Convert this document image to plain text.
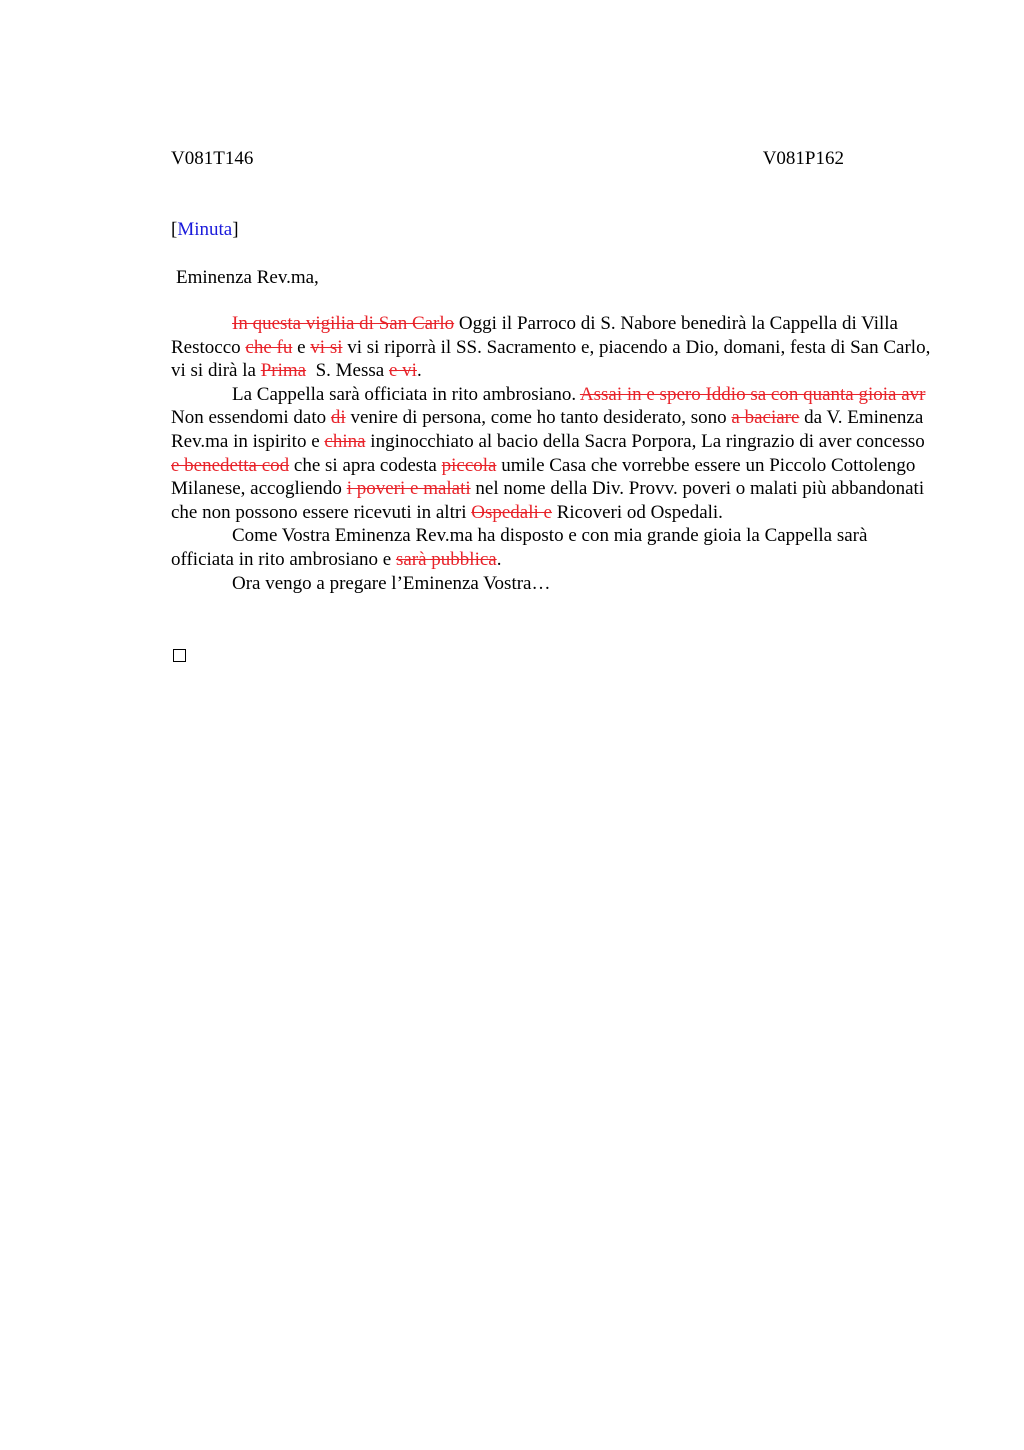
V081T146	V081P162
[Minuta]
Eminenza Rev.ma,

In questa vigilia di San Carlo Oggi il Parroco di S. Nabore benedirà la Cappella di Villa Restocco che fu e vi si vi si riporrà il SS. Sacramento e, piacendo a Dio, domani, festa di San Carlo, vi si dirà la Prima  S. Messa e vi.

La Cappella sarà officiata in rito ambrosiano. Assai in e spero Iddio sa con quanta gioia avr Non essendomi dato di venire di persona, come ho tanto desiderato, sono a baciare da V. Eminenza Rev.ma in ispirito e china inginocchiato al bacio della Sacra Porpora, La ringrazio di aver concesso e benedetta cod che si apra codesta piccola umile Casa che vorrebbe essere un Piccolo Cottolengo Milanese, accogliendo i poveri e malati nel nome della Div. Provv. poveri o malati più abbandonati che non possono essere ricevuti in altri Ospedali e Ricoveri od Ospedali.

Come Vostra Eminenza Rev.ma ha disposto e con mia grande gioia la Cappella sarà officiata in rito ambrosiano e sarà pubblica.

Ora vengo a pregare l’Eminenza Vostra…
